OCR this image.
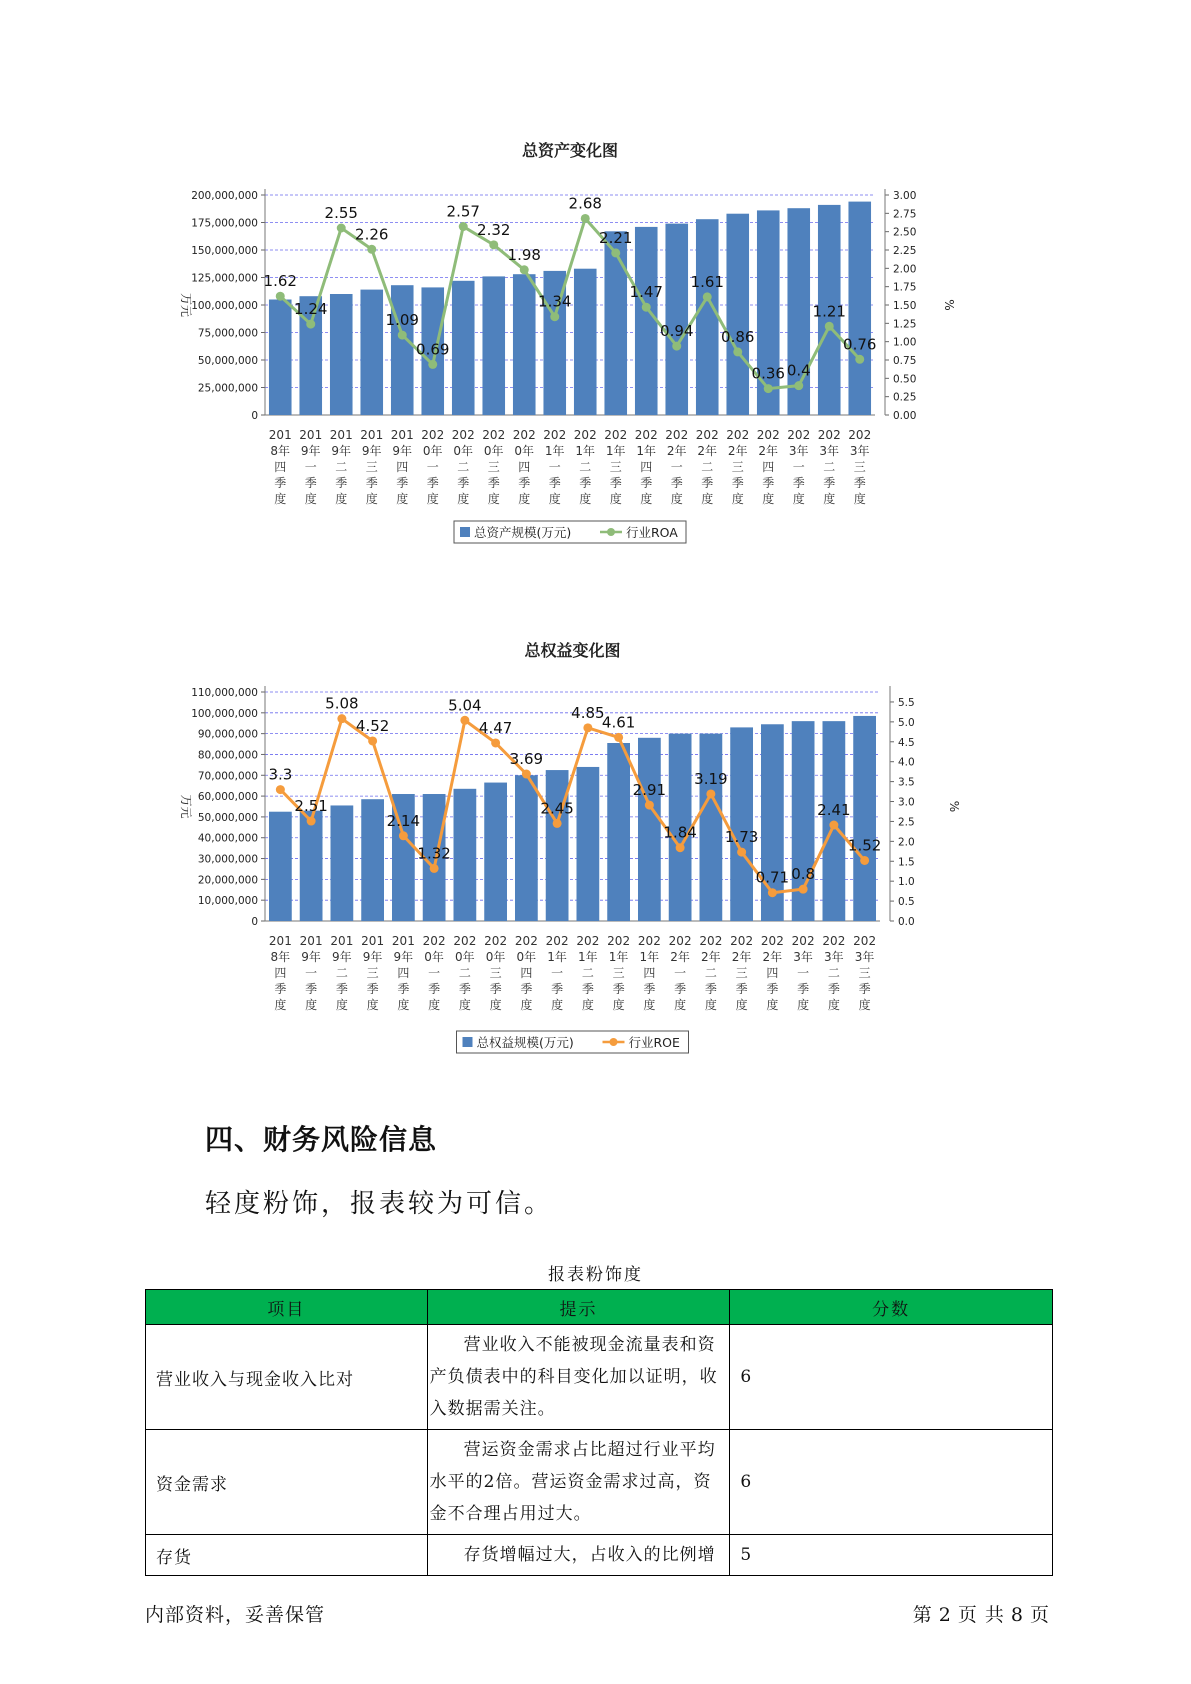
总资产变化图
0
25,000,000
50,000,000
75,000,000
100,000,000
125,000,000
150,000,000
175,000,000
200,000,000
0.00
0.25
0.50
0.75
1.00
1.25
1.50
1.75
2.00
2.25
2.50
2.75
3.00
万元	%
201 8年四季度
201 9年一季度
201 9年二季度
201 9年三季度
201 9年四季度
202 0年一季度
202 0年二季度
202 0年三季度
202 0年四季度
202 1年一季度
202 1年二季度
202 1年三季度
202 1年四季度
202 2年一季度
202 2年二季度
202 2年三季度
202 2年四季度
202 3年一季度
202 3年二季度
202 3年三季度
1.62
1.24
2.55
2.26
1.09
0.69
2.57
2.32
1.98
1.34
2.68
2.21
1.47
0.94
1.61
0.86
0.36 0.4
1.21
0.76
总资产规模(万元)	行业ROA
总权益变化图
0
10,000,000
20,000,000
30,000,000
40,000,000
50,000,000
60,000,000
70,000,000
80,000,000
90,000,000
100,000,000
110,000,000
0.0
0.5
1.0
1.5
2.0
2.5
3.0
3.5
4.0
4.5
5.0
5.5
万元	%
201 8年四季度
201 9年一季度
201 9年二季度
201 9年三季度
201 9年四季度
202 0年一季度
202 0年二季度
202 0年三季度
202 0年四季度
202 1年一季度
202 1年二季度
202 1年三季度
202 1年四季度
202 2年一季度
202 2年二季度
202 2年三季度
202 2年四季度
202 3年一季度
202 3年二季度
202 3年三季度
3.3
2.51
5.08
4.52
2.14
1.32
5.04
4.47
3.69
2.45
4.85
4.61
2.91
1.84
3.19
1.73
0.71 0.8
2.41
1.52
总权益规模(万元)	行业ROE
四、财务风险信息

轻度粉饰，报表较为可信。

报表粉饰度
项目	提示	分数
营业收入与现金收入比对	营业收入不能被现金流量表和资产负债表中的科目变化加以证明，收入数据需关注。	6
资金需求	营运资金需求占比超过行业平均水平的2倍。营运资金需求过高，资金不合理占用过大。	6
存货	存货增幅过大，占收入的比例增	5
内部资料，妥善保管	第 2 页 共 8 页
